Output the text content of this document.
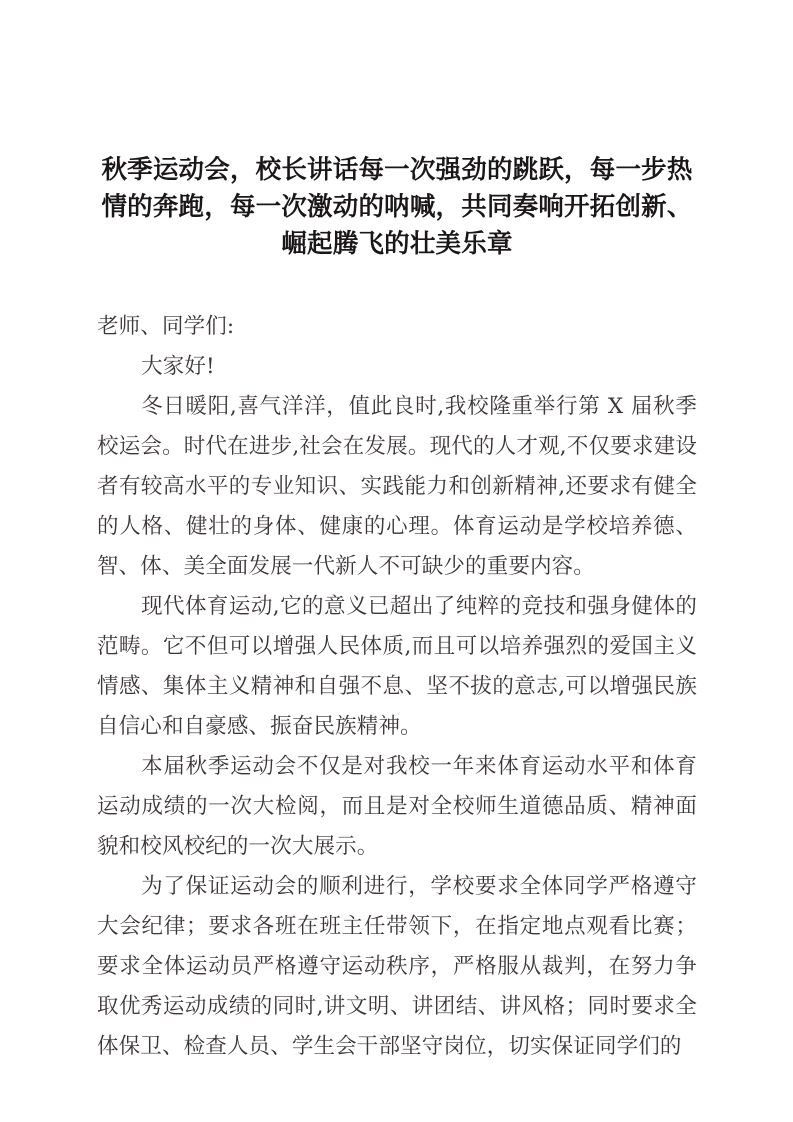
秋季运动会，校长讲话每一次强劲的跳跃，每一步热情的奔跑，每一次激动的呐喊，共同奏响开拓创新、崛起腾飞的壮美乐章

老师、同学们:

大家好!

冬日暖阳,喜气洋洋，值此良时,我校隆重举行第 X 届秋季校运会。时代在进步,社会在发展。现代的人才观,不仅要求建设者有较高水平的专业知识、实践能力和创新精神,还要求有健全的人格、健壮的身体、健康的心理。体育运动是学校培养德、智、体、美全面发展一代新人不可缺少的重要内容。

现代体育运动,它的意义已超出了纯粹的竞技和强身健体的范畴。它不但可以增强人民体质,而且可以培养强烈的爱国主义情感、集体主义精神和自强不息、坚不拔的意志,可以增强民族自信心和自豪感、振奋民族精神。

本届秋季运动会不仅是对我校一年来体育运动水平和体育运动成绩的一次大检阅，而且是对全校师生道德品质、精神面貌和校风校纪的一次大展示。

为了保证运动会的顺利进行，学校要求全体同学严格遵守大会纪律；要求各班在班主任带领下，在指定地点观看比赛；要求全体运动员严格遵守运动秩序，严格服从裁判，在努力争取优秀运动成绩的同时,讲文明、讲团结、讲风格；同时要求全体保卫、检查人员、学生会干部坚守岗位，切实保证同学们的
